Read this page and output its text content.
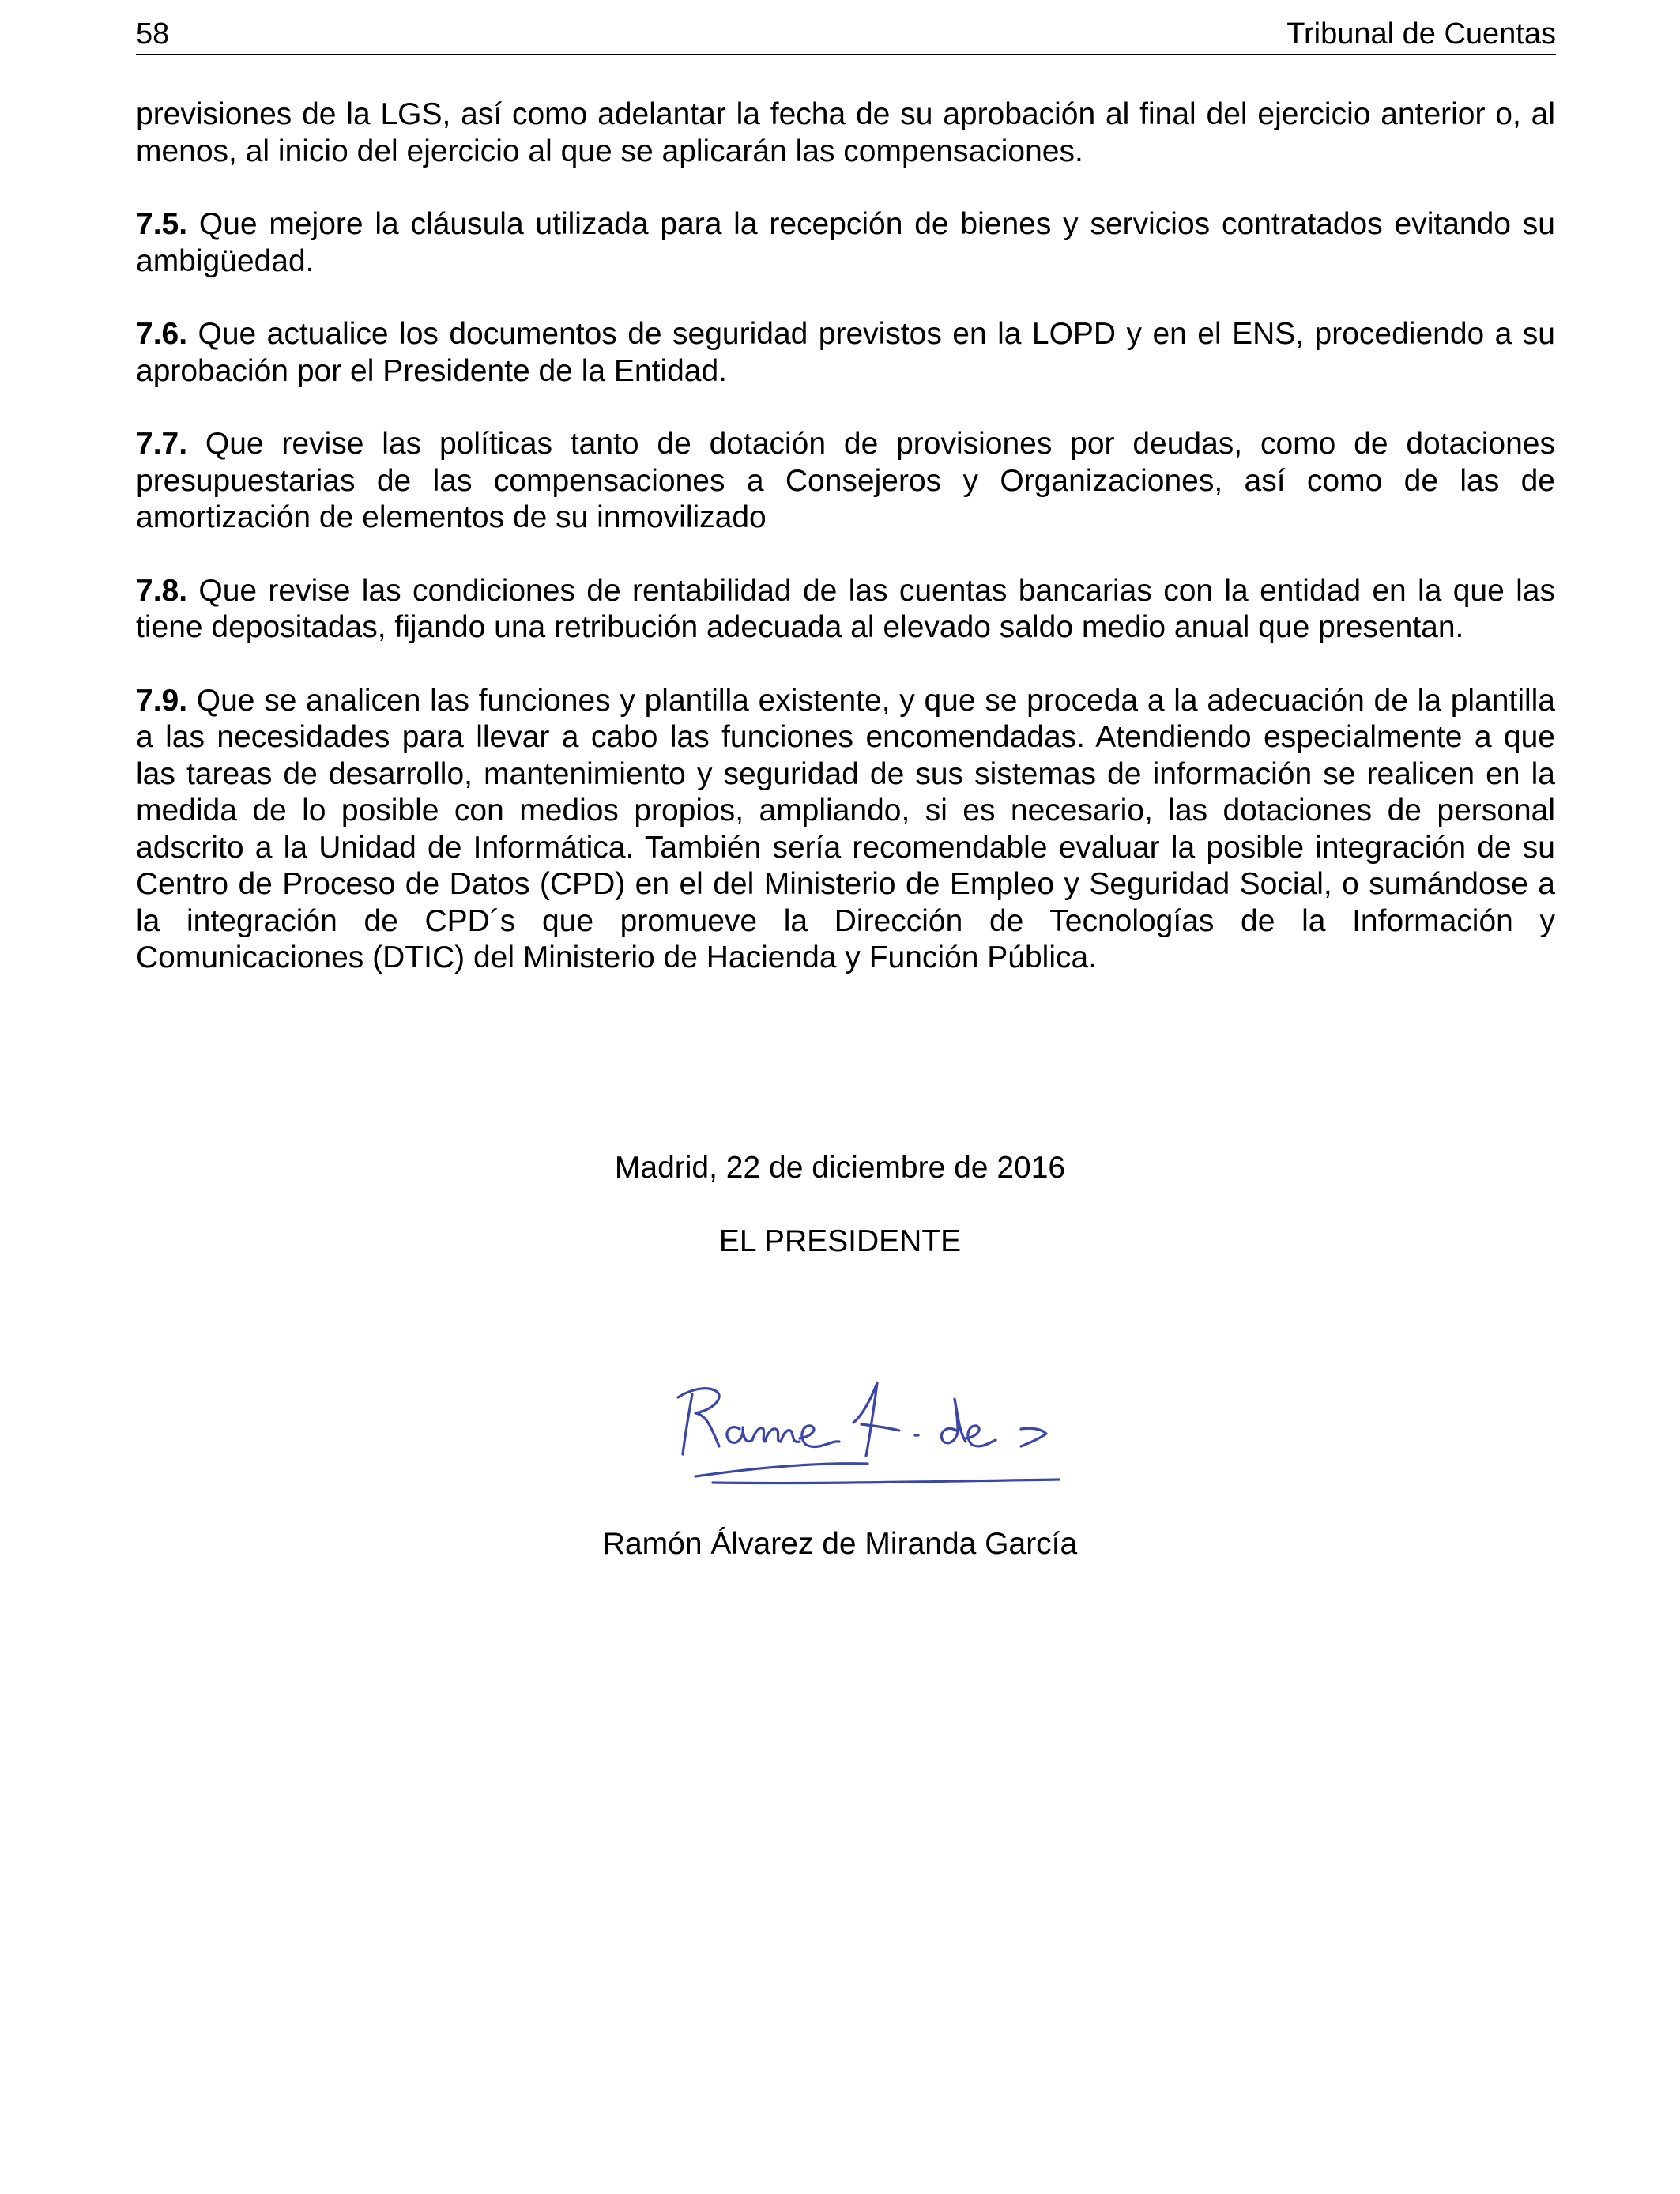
58	Tribunal de Cuentas

previsiones de la LGS, así como adelantar la fecha de su aprobación al final del ejercicio anterior o, al menos, al inicio del ejercicio al que se aplicarán las compensaciones.

7.5. Que mejore la cláusula utilizada para la recepción de bienes y servicios contratados evitando su ambigüedad.

7.6. Que actualice los documentos de seguridad previstos en la LOPD y en el ENS, procediendo a su aprobación por el Presidente de la Entidad.

7.7. Que revise las políticas tanto de dotación de provisiones por deudas, como de dotaciones presupuestarias de las compensaciones a Consejeros y Organizaciones, así como de las de amortización de elementos de su inmovilizado

7.8. Que revise las condiciones de rentabilidad de las cuentas bancarias con la entidad en la que las tiene depositadas, fijando una retribución adecuada al elevado saldo medio anual que presentan.

7.9. Que se analicen las funciones y plantilla existente, y que se proceda a la adecuación de la plantilla a las necesidades para llevar a cabo las funciones encomendadas. Atendiendo especialmente a que las tareas de desarrollo, mantenimiento y seguridad de sus sistemas de información se realicen en la medida de lo posible con medios propios, ampliando, si es necesario, las dotaciones de personal adscrito a la Unidad de Informática. También sería recomendable evaluar la posible integración de su Centro de Proceso de Datos (CPD) en el del Ministerio de Empleo y Seguridad Social, o sumándose a la integración de CPD´s que promueve la Dirección de Tecnologías de la Información y Comunicaciones (DTIC) del Ministerio de Hacienda y Función Pública.

Madrid, 22 de diciembre de 2016
EL PRESIDENTE
Ramón Álvarez de Miranda García
